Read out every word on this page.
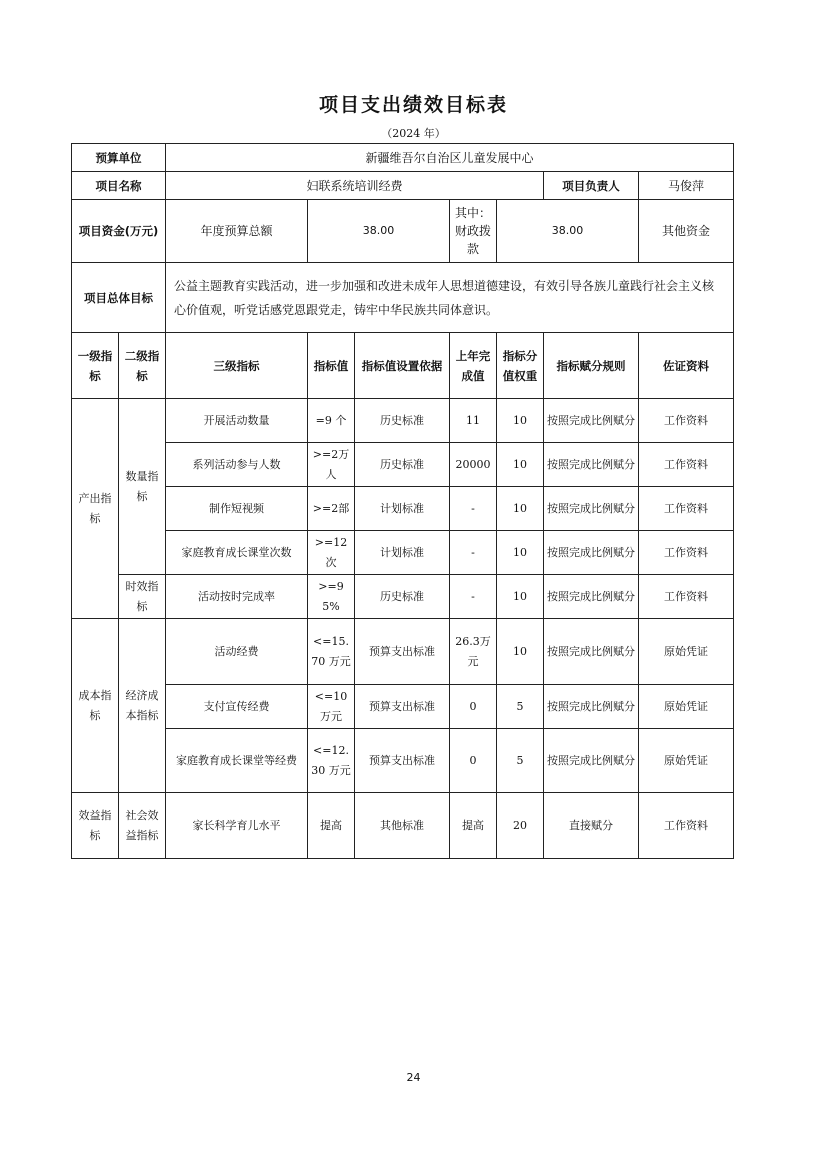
项目支出绩效目标表
（2024 年）
预算单位		新疆维吾尔自治区儿童发展中心							
项目名称		妇联系统培训经费					项目负责人	马俊萍	
项目资金(万元)		年度预算总额	38.00		其中：财政拨款	38.00		其他资金

项目总体目标		公益主题教育实践活动，进一步加强和改进未成年人思想道德建设，有效引导各族儿童践行社会主义核心价值观，听党话感党恩跟党走，铸牢中华民族共同体意识。							
一级指标	二级指标	三级指标	指标值	指标值设置依据	上年完成值	指标分值权重	指标赋分规则	佐证资料	
产出指标	数量指标	开展活动数量	=9 个	历史标准	11	10	按照完成比例赋分	工作资料	
		系列活动参与人数	>=2万人	历史标准	20000	10	按照完成比例赋分	工作资料	
		制作短视频	>=2部	计划标准	-	10	按照完成比例赋分	工作资料	
		家庭教育成长课堂次数	>=12次	计划标准	-	10	按照完成比例赋分	工作资料	
	时效指标	活动按时完成率	>=95%	历史标准	-	10	按照完成比例赋分	工作资料	
成本指标	经济成本指标	活动经费	<=15.70 万元	预算支出标准	26.3万元	10	按照完成比例赋分	原始凭证	
		支付宣传经费	<=10万元	预算支出标准	0	5	按照完成比例赋分	原始凭证	
		家庭教育成长课堂等经费	<=12.30 万元	预算支出标准	0	5	按照完成比例赋分	原始凭证	
效益指标	社会效益指标	家长科学育儿水平	提高	其他标准	提高	20	直接赋分	工作资料	
24
